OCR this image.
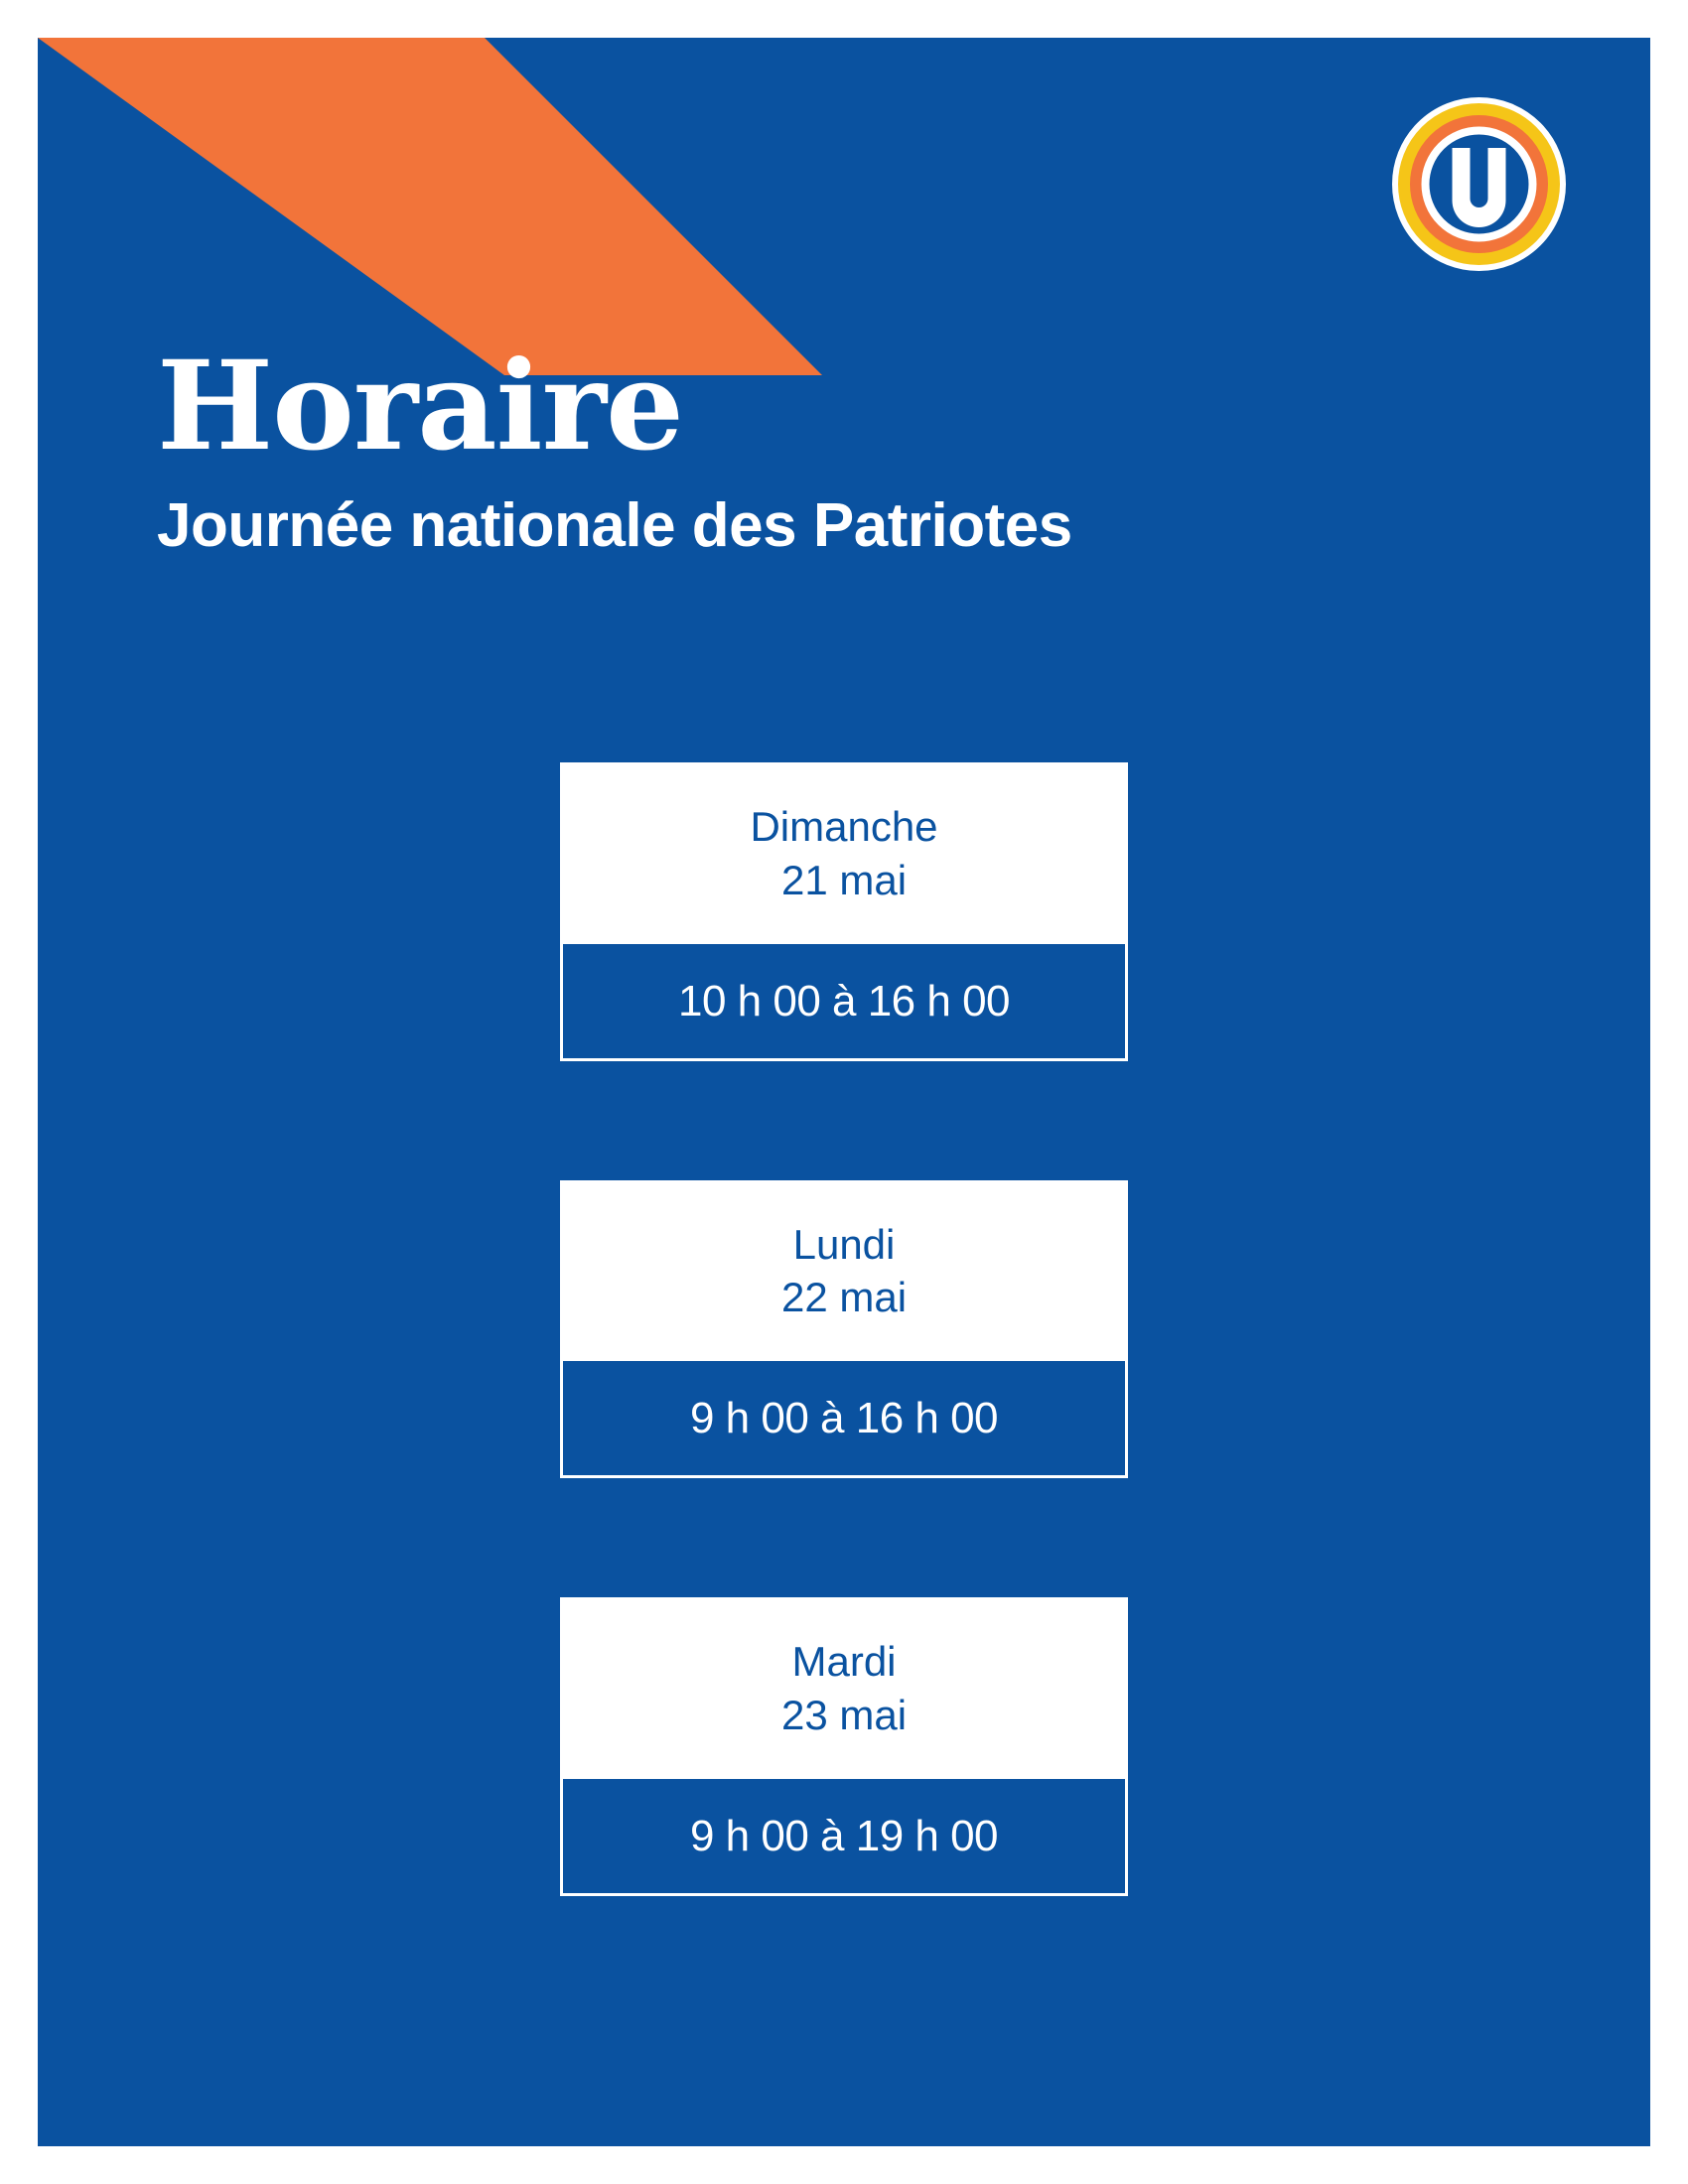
Horaire
Journée nationale des Patriotes
Dimanche
21 mai
10 h 00 à 16 h 00
Lundi
22 mai
9 h 00 à 16 h 00
Mardi
23 mai
9 h 00 à 19 h 00
